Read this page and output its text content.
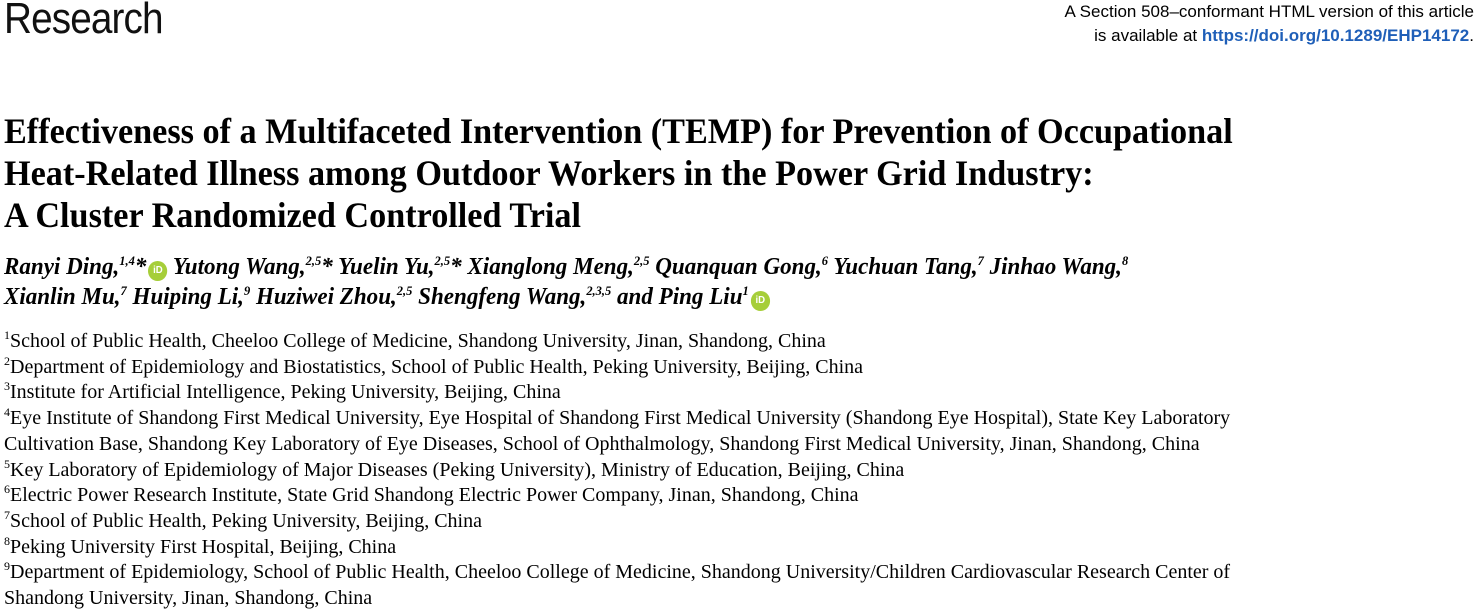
Research	A Section 508–conformant HTML version of this article
is available at https://doi.org/10.1289/EHP14172.
Effectiveness of a Multifaceted Intervention (TEMP) for Prevention of Occupational
Heat-Related Illness among Outdoor Workers in the Power Grid Industry:
A Cluster Randomized Controlled Trial
Ranyi Ding,$^{1,4}$* iD Yutong Wang,$^{2,5}$* Yuelin Yu,$^{2,5}$* Xianglong Meng,$^{2,5}$ Quanquan Gong,$^6$ Yuchuan Tang,$^7$ Jinhao Wang,$^8$
Xianlin Mu,$^7$ Huiping Li,$^9$ Huziwei Zhou,$^{2,5}$ Shengfeng Wang,$^{2,3,5}$ and Ping Liu$^1$iD
$^1$School of Public Health, Cheeloo College of Medicine, Shandong University, Jinan, Shandong, China
$^2$Department of Epidemiology and Biostatistics, School of Public Health, Peking University, Beijing, China
$^3$Institute for Artificial Intelligence, Peking University, Beijing, China
$^4$Eye Institute of Shandong First Medical University, Eye Hospital of Shandong First Medical University (Shandong Eye Hospital), State Key Laboratory
Cultivation Base, Shandong Key Laboratory of Eye Diseases, School of Ophthalmology, Shandong First Medical University, Jinan, Shandong, China
$^5$Key Laboratory of Epidemiology of Major Diseases (Peking University), Ministry of Education, Beijing, China
$^6$Electric Power Research Institute, State Grid Shandong Electric Power Company, Jinan, Shandong, China
$^7$School of Public Health, Peking University, Beijing, China
$^8$Peking University First Hospital, Beijing, China
$^9$Department of Epidemiology, School of Public Health, Cheeloo College of Medicine, Shandong University/Children Cardiovascular Research Center of
Shandong University, Jinan, Shandong, China
